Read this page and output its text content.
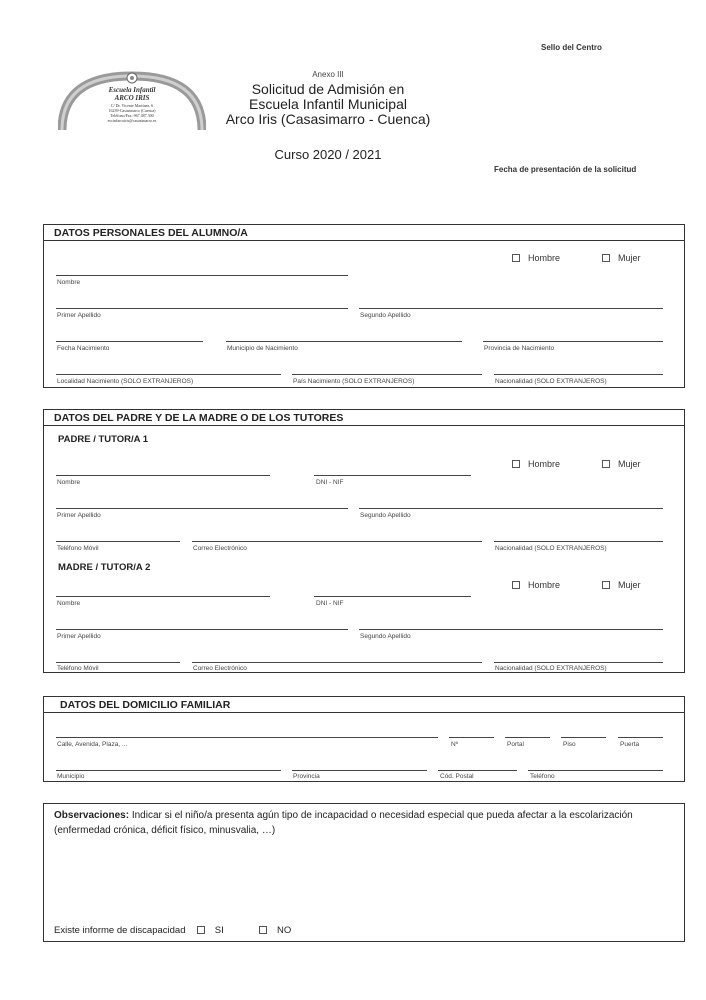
Sello del Centro
Escuela Infantil
ARCO IRIS
C/ Dr. Vicente Martínez, 6
16239-Casasimarro (Cuenca)
Teléfono/Fax: 967 487 300
escinfarcoiris@casasimarro.es
Anexo III
Solicitud de Admisión en
Escuela Infantil Municipal
Arco Iris (Casasimarro - Cuenca)
Curso 2020 / 2021
Fecha de presentación de la solicitud
DATOS PERSONALES DEL ALUMNO/A
Hombre	Mujer
Nombre
Primer Apellido	Segundo Apellido
Fecha Nacimiento	Municipio de Nacimiento	Provincia de Nacimiento
Localidad Nacimiento (SOLO EXTRANJEROS)	País Nacimiento (SOLO EXTRANJEROS)	Nacionalidad (SOLO EXTRANJEROS)
DATOS DEL PADRE Y DE LA MADRE O DE LOS TUTORES
PADRE / TUTOR/A 1
Hombre	Mujer
Nombre	DNI - NIF
Primer Apellido	Segundo Apellido
Teléfono Móvil	Correo Electrónico	Nacionalidad (SOLO EXTRANJEROS)
MADRE / TUTOR/A 2
Hombre	Mujer
Nombre	DNI - NIF
Primer Apellido	Segundo Apellido
Teléfono Móvil	Correo Electrónico	Nacionalidad (SOLO EXTRANJEROS)
DATOS DEL DOMICILIO FAMILIAR
Calle, Avenida, Plaza, ...	Nº	Portal	Piso	Puerta
Municipio	Provincia	Cód. Postal	Teléfono
Observaciones: Indicar si el niño/a presenta agún tipo de incapacidad o necesidad especial que pueda afectar a la escolarización (enfermedad crónica, déficit físico, minusvalia, …)
Existe informe de discapacidad	SI	NO
